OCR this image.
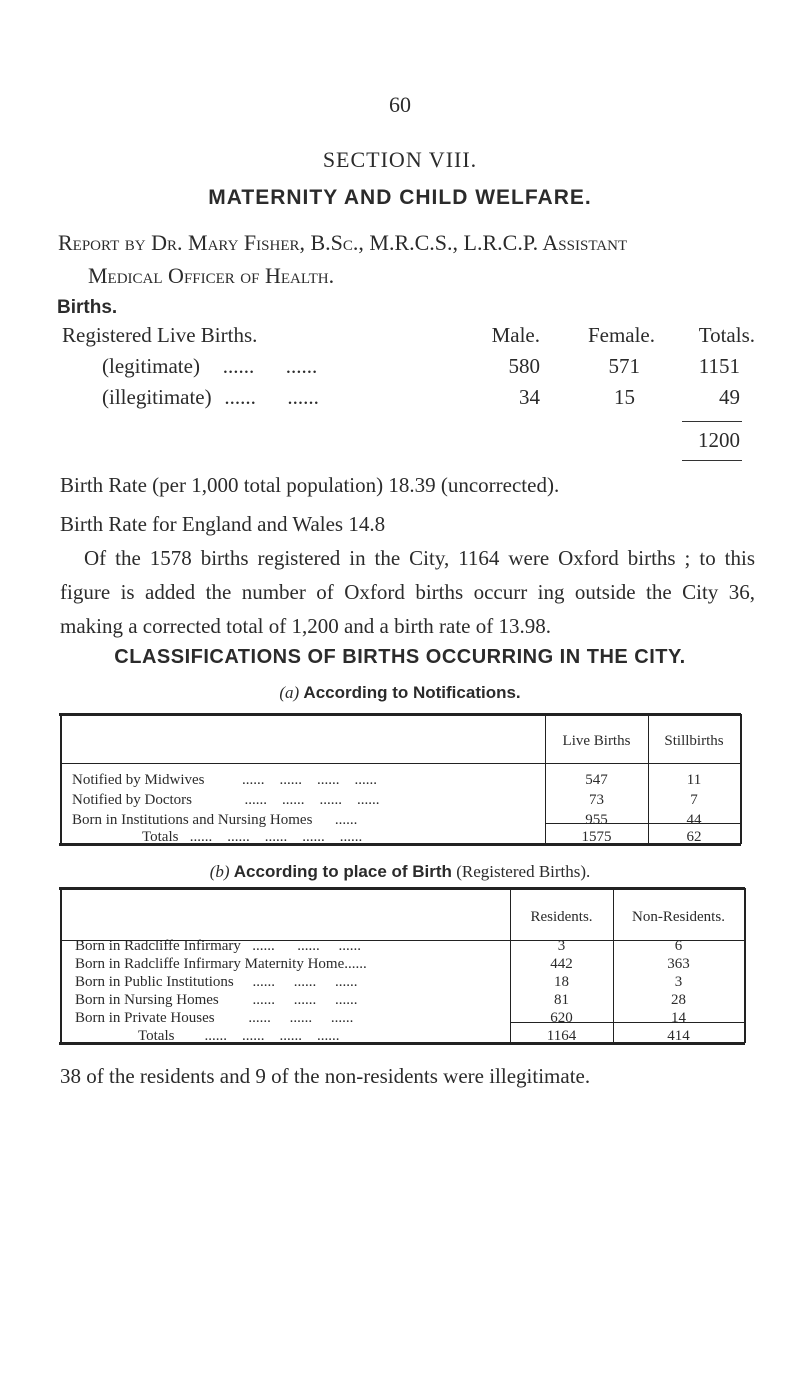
60
SECTION VIII.
MATERNITY AND CHILD WELFARE.
Report by Dr. Mary Fisher, B.Sc., M.R.C.S., L.R.C.P. Assistant
Medical Officer of Health.
Births.
Registered Live Births.	Male.	Female.	Totals.
(legitimate) ......      ......	580	571	1151
(illegitimate) ......      ......	34	15	49
1200
Birth Rate (per 1,000 total population) 18.39 (uncorrected).
Birth Rate for England and Wales 14.8
Of the 1578 births registered in the City, 1164 were Oxford births ; to this figure is added the number of Oxford births occurr ing outside the City 36, making a corrected total of 1,200 and a birth rate of 13.98.
CLASSIFICATIONS OF BIRTHS OCCURRING IN THE CITY.
(a) According to Notifications.
Live Births	Stillbirths
Notified by Midwives          ......    ......    ......    ......	547	11
Notified by Doctors              ......    ......    ......    ......	73	7
Born in Institutions and Nursing Homes      ......	955	44
Totals   ......    ......    ......    ......    ......	1575	62
(b) According to place of Birth (Registered Births).
Residents.	Non-Residents.
Born in Radcliffe Infirmary   ......      ......     ......	3	6
Born in Radcliffe Infirmary Maternity Home......	442	363
Born in Public Institutions     ......     ......     ......	18	3
Born in Nursing Homes         ......     ......     ......	81	28
Born in Private Houses         ......     ......     ......	620	14
Totals        ......    ......    ......    ......	1164	414
38 of the residents and 9 of the non-residents were illegitimate.
